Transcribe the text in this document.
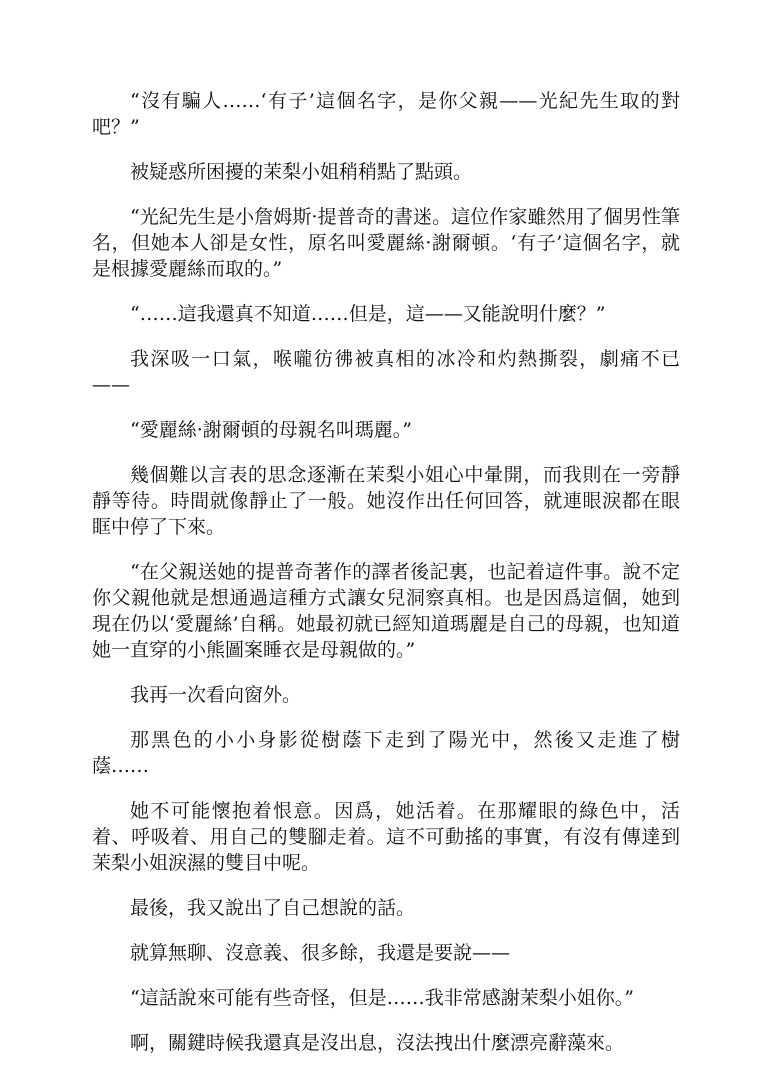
“沒有騙人……‘有子’這個名字，是你父親——光紀先生取的對吧？”

被疑惑所困擾的茉梨小姐稍稍點了點頭。

“光紀先生是小詹姆斯·提普奇的書迷。這位作家雖然用了個男性筆名，但她本人卻是女性，原名叫愛麗絲·謝爾頓。‘有子’這個名字，就是根據愛麗絲而取的。”

“……這我還真不知道……但是，這——又能說明什麼？”

我深吸一口氣，喉嚨彷彿被真相的冰冷和灼熱撕裂，劇痛不已——

“愛麗絲·謝爾頓的母親名叫瑪麗。”

幾個難以言表的思念逐漸在茉梨小姐心中暈開，而我則在一旁靜靜等待。時間就像靜止了一般。她沒作出任何回答，就連眼淚都在眼眶中停了下來。

“在父親送她的提普奇著作的譯者後記裏，也記着這件事。說不定你父親他就是想通過這種方式讓女兒洞察真相。也是因爲這個，她到現在仍以‘愛麗絲’自稱。她最初就已經知道瑪麗是自己的母親，也知道她一直穿的小熊圖案睡衣是母親做的。”

我再一次看向窗外。

那黑色的小小身影從樹蔭下走到了陽光中，然後又走進了樹蔭……

她不可能懷抱着恨意。因爲，她活着。在那耀眼的綠色中，活着、呼吸着、用自己的雙腳走着。這不可動搖的事實，有沒有傳達到茉梨小姐淚濕的雙目中呢。

最後，我又說出了自己想說的話。

就算無聊、沒意義、很多餘，我還是要說——

“這話說來可能有些奇怪，但是……我非常感謝茉梨小姐你。”

啊，關鍵時候我還真是沒出息，沒法拽出什麼漂亮辭藻來。
